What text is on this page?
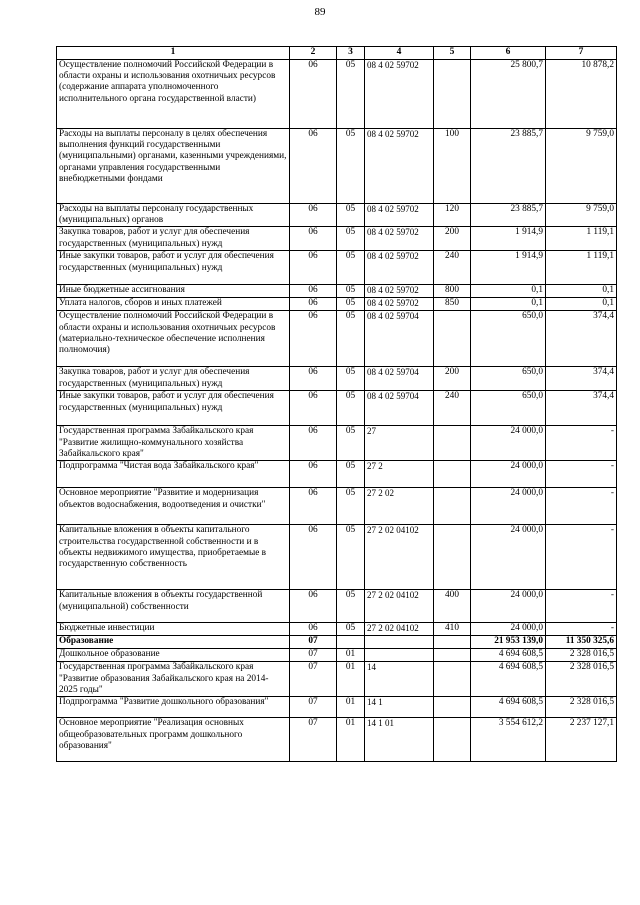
89
1	2	3	4	5	6	7
Осуществление полномочий Российской Федерации в области охраны и использования охотничьих ресурсов (содержание аппарата уполномоченного исполнительного органа государственной власти)	06	05	08 4 02 59702		25 800,7	10 878,2
Расходы на выплаты персоналу в целях обеспечения выполнения функций государственными (муниципальными) органами, казенными учреждениями, органами управления государственными внебюджетными фондами	06	05	08 4 02 59702	100	23 885,7	9 759,0
Расходы на выплаты персоналу государственных (муниципальных) органов	06	05	08 4 02 59702	120	23 885,7	9 759,0
Закупка товаров, работ и услуг для обеспечения государственных (муниципальных) нужд	06	05	08 4 02 59702	200	1 914,9	1 119,1
Иные закупки товаров, работ и услуг для обеспечения государственных (муниципальных) нужд	06	05	08 4 02 59702	240	1 914,9	1 119,1
Иные бюджетные ассигнования	06	05	08 4 02 59702	800	0,1	0,1
Уплата налогов, сборов и иных платежей	06	05	08 4 02 59702	850	0,1	0,1
Осуществление полномочий Российской Федерации в области охраны и использования охотничьих ресурсов (материально-техническое обеспечение исполнения полномочия)	06	05	08 4 02 59704		650,0	374,4
Закупка товаров, работ и услуг для обеспечения государственных (муниципальных) нужд	06	05	08 4 02 59704	200	650,0	374,4
Иные закупки товаров, работ и услуг для обеспечения государственных (муниципальных) нужд	06	05	08 4 02 59704	240	650,0	374,4
Государственная программа Забайкальского края "Развитие жилищно-коммунального хозяйства Забайкальского края"	06	05	27		24 000,0	-
Подпрограмма "Чистая вода Забайкальского края"	06	05	27 2		24 000,0	-
Основное мероприятие "Развитие и модернизация объектов водоснабжения, водоотведения и очистки"	06	05	27 2 02		24 000,0	-
Капитальные вложения в объекты капитального строительства государственной собственности и в объекты недвижимого имущества, приобретаемые в государственную собственность	06	05	27 2 02 04102		24 000,0	-
Капитальные вложения в объекты государственной (муниципальной) собственности	06	05	27 2 02 04102	400	24 000,0	-
Бюджетные инвестиции	06	05	27 2 02 04102	410	24 000,0	-
Образование	07				21 953 139,0	11 350 325,6
Дошкольное образование	07	01			4 694 608,5	2 328 016,5
Государственная программа Забайкальского края "Развитие образования Забайкальского края на 2014-2025 годы"	07	01	14		4 694 608,5	2 328 016,5
Подпрограмма "Развитие дошкольного образования"	07	01	14 1		4 694 608,5	2 328 016,5
Основное мероприятие "Реализация основных общеобразовательных программ дошкольного образования"	07	01	14 1 01		3 554 612,2	2 237 127,1
